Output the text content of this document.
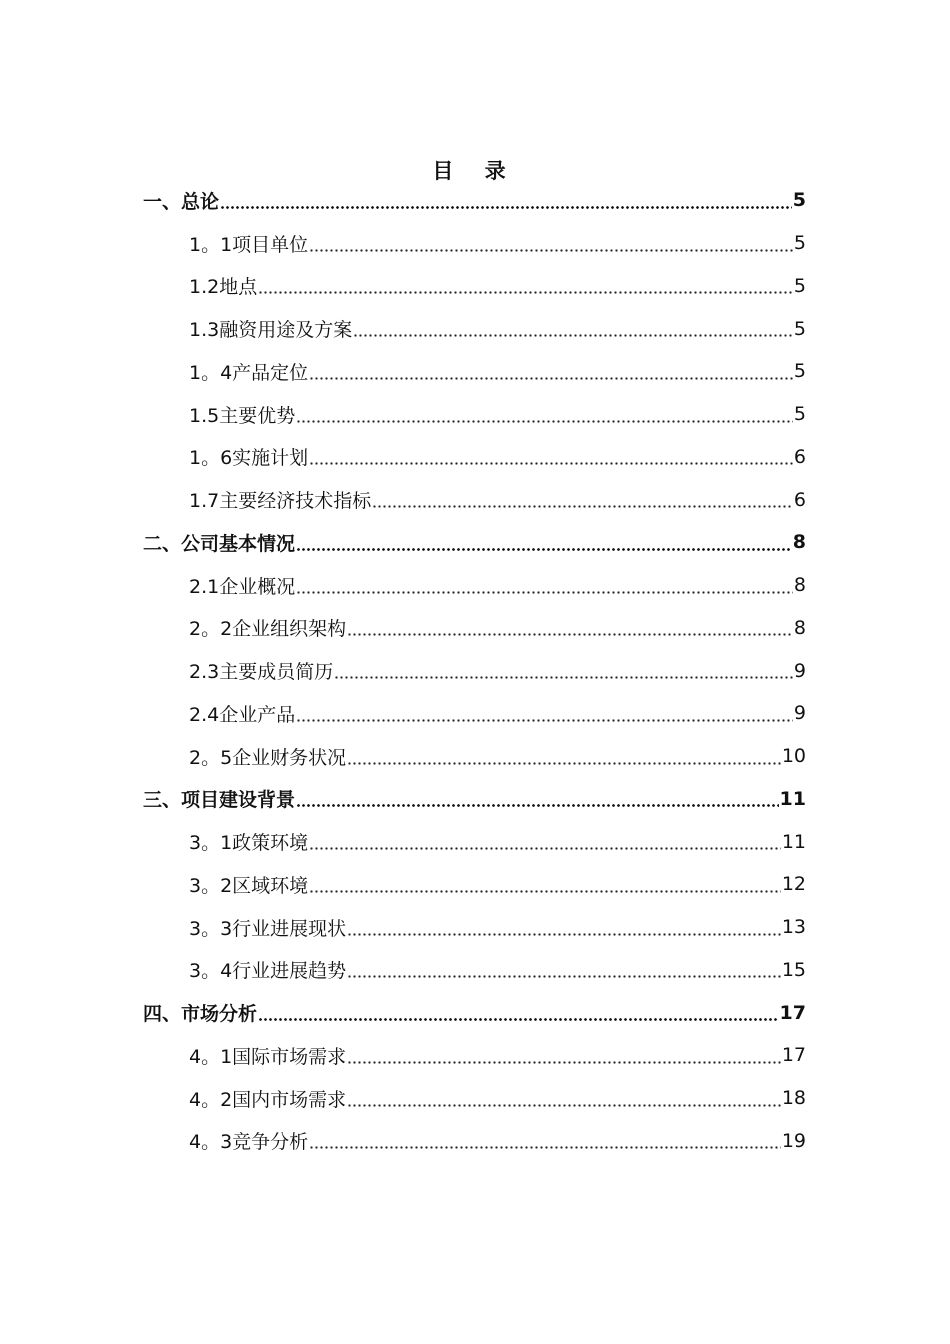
目 录
一、总论	5
1。1项目单位	5
1.2地点	5
1.3融资用途及方案	5
1。4产品定位	5
1.5主要优势	5
1。6实施计划	6
1.7主要经济技术指标	6
二、公司基本情况	8
2.1企业概况	8
2。2企业组织架构	8
2.3主要成员简历	9
2.4企业产品	9
2。5企业财务状况	10
三、项目建设背景	11
3。1政策环境	11
3。2区域环境	12
3。3行业进展现状	13
3。4行业进展趋势	15
四、市场分析	17
4。1国际市场需求	17
4。2国内市场需求	18
4。3竞争分析	19
